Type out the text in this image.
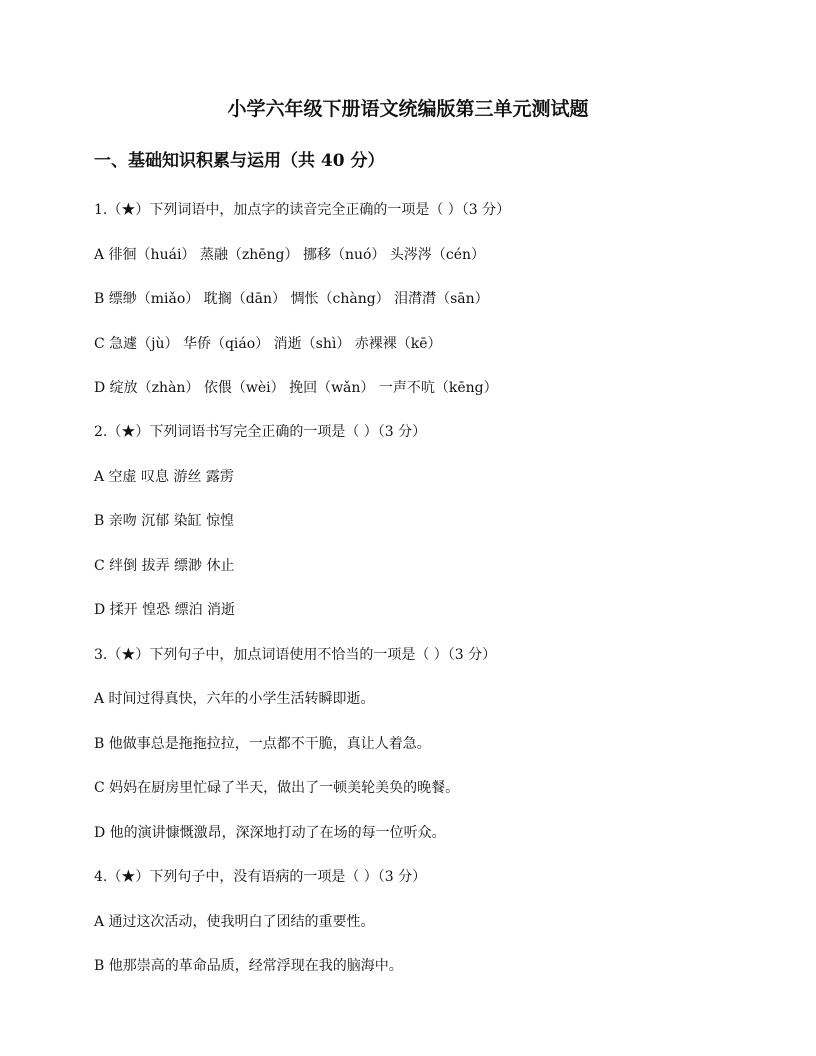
小学六年级下册语文统编版第三单元测试题
一、基础知识积累与运用（共 40 分）
1.（★）下列词语中，加点字的读音完全正确的一项是（ ）（3 分）
A 徘徊（huái） 蒸融（zhēng） 挪移（nuó） 头涔涔（cén）
B 缥缈（miǎo） 耽搁（dān） 惆怅（chàng） 泪潸潸（sān）
C 急遽（jù） 华侨（qiáo） 消逝（shì） 赤裸裸（kē）
D 绽放（zhàn） 依偎（wèi） 挽回（wǎn） 一声不吭（kēng）
2.（★）下列词语书写完全正确的一项是（ ）（3 分）
A 空虚 叹息 游丝 露雳
B 亲吻 沉郁 染缸 惊惶
C 绊倒 拔弄 缥渺 休止
D 揉开 惶恐 缥泊 消逝
3.（★）下列句子中，加点词语使用不恰当的一项是（ ）（3 分）
A 时间过得真快，六年的小学生活转瞬即逝。
B 他做事总是拖拖拉拉，一点都不干脆，真让人着急。
C 妈妈在厨房里忙碌了半天，做出了一顿美轮美奂的晚餐。
D 他的演讲慷慨激昂，深深地打动了在场的每一位听众。
4.（★）下列句子中，没有语病的一项是（ ）（3 分）
A 通过这次活动，使我明白了团结的重要性。
B 他那崇高的革命品质，经常浮现在我的脑海中。
